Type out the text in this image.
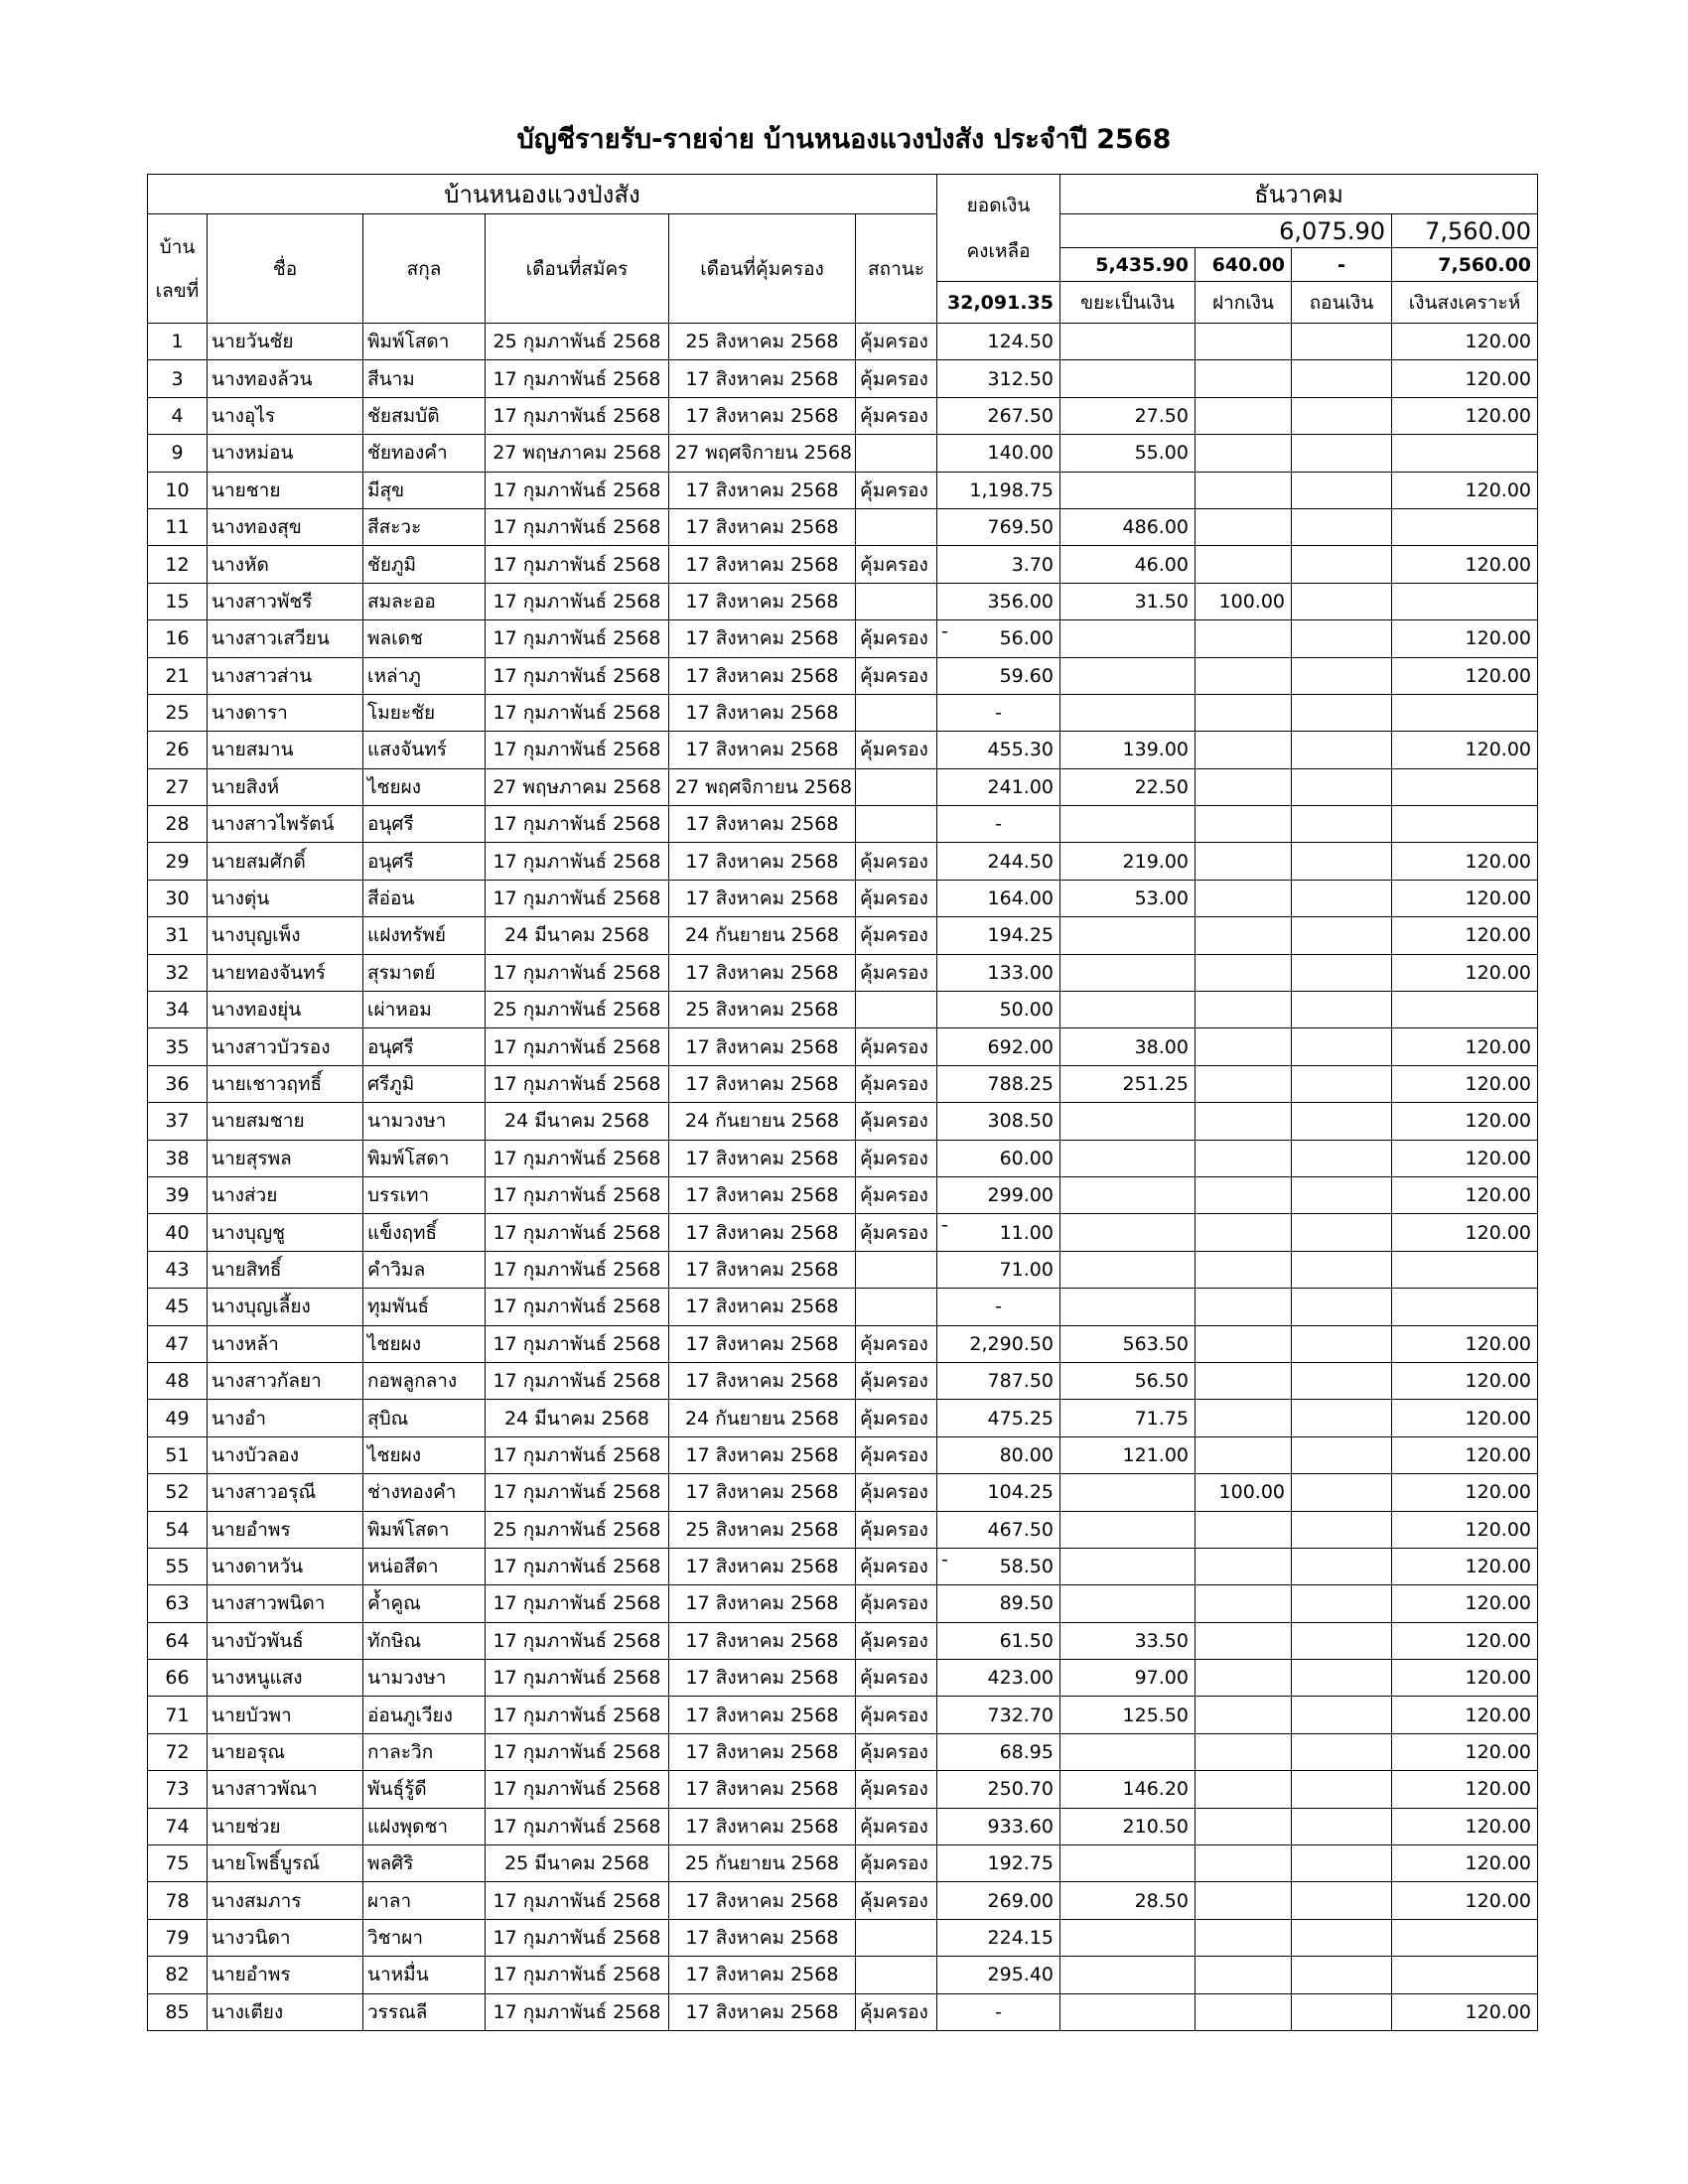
บัญชีรายรับ-รายจ่าย บ้านหนองแวงป่งสัง ประจำปี 2568
บ้านหนองแวงป่งสัง						ยอดเงิน
คงเหลือ	ธันวาคม			

บ้าน
เลขที่	ชื่อ	สกุล	เดือนที่สมัคร	เดือนที่คุ้มครอง	สถานะ		6,075.90			7,560.00
							5,435.90	640.00	-	7,560.00
						32,091.35	ขยะเป็นเงิน	ฝากเงิน	ถอนเงิน	เงินสงเคราะห์
1	นายวันชัย	พิมพ์โสดา	25 กุมภาพันธ์ 2568	25 สิงหาคม 2568	คุ้มครอง	124.50				120.00
3	นางทองล้วน	สีนาม	17 กุมภาพันธ์ 2568	17 สิงหาคม 2568	คุ้มครอง	312.50				120.00
4	นางอุไร	ชัยสมบัติ	17 กุมภาพันธ์ 2568	17 สิงหาคม 2568	คุ้มครอง	267.50	27.50			120.00
9	นางหม่อน	ชัยทองคำ	27 พฤษภาคม 2568	27 พฤศจิกายน 2568		140.00	55.00			
10	นายชาย	มีสุข	17 กุมภาพันธ์ 2568	17 สิงหาคม 2568	คุ้มครอง	1,198.75				120.00
11	นางทองสุข	สีสะวะ	17 กุมภาพันธ์ 2568	17 สิงหาคม 2568		769.50	486.00			
12	นางหัด	ชัยภูมิ	17 กุมภาพันธ์ 2568	17 สิงหาคม 2568	คุ้มครอง	3.70	46.00			120.00
15	นางสาวพัชรี	สมละออ	17 กุมภาพันธ์ 2568	17 สิงหาคม 2568		356.00	31.50	100.00		
16	นางสาวเสวียน	พลเดช	17 กุมภาพันธ์ 2568	17 สิงหาคม 2568	คุ้มครอง	- 56.00				120.00
21	นางสาวส่าน	เหล่าภู	17 กุมภาพันธ์ 2568	17 สิงหาคม 2568	คุ้มครอง	59.60				120.00
25	นางดารา	โมยะชัย	17 กุมภาพันธ์ 2568	17 สิงหาคม 2568		-				
26	นายสมาน	แสงจันทร์	17 กุมภาพันธ์ 2568	17 สิงหาคม 2568	คุ้มครอง	455.30	139.00			120.00
27	นายสิงห์	ไชยผง	27 พฤษภาคม 2568	27 พฤศจิกายน 2568		241.00	22.50			
28	นางสาวไพรัตน์	อนุศรี	17 กุมภาพันธ์ 2568	17 สิงหาคม 2568		-				
29	นายสมศักดิ์	อนุศรี	17 กุมภาพันธ์ 2568	17 สิงหาคม 2568	คุ้มครอง	244.50	219.00			120.00
30	นางตุ่น	สีอ่อน	17 กุมภาพันธ์ 2568	17 สิงหาคม 2568	คุ้มครอง	164.00	53.00			120.00
31	นางบุญเพ็ง	แฝงทรัพย์	24 มีนาคม 2568	24 กันยายน 2568	คุ้มครอง	194.25				120.00
32	นายทองจันทร์	สุรมาตย์	17 กุมภาพันธ์ 2568	17 สิงหาคม 2568	คุ้มครอง	133.00				120.00
34	นางทองยุ่น	เผ่าหอม	25 กุมภาพันธ์ 2568	25 สิงหาคม 2568		50.00				
35	นางสาวบัวรอง	อนุศรี	17 กุมภาพันธ์ 2568	17 สิงหาคม 2568	คุ้มครอง	692.00	38.00			120.00
36	นายเชาวฤทธิ์	ศรีภูมิ	17 กุมภาพันธ์ 2568	17 สิงหาคม 2568	คุ้มครอง	788.25	251.25			120.00
37	นายสมชาย	นามวงษา	24 มีนาคม 2568	24 กันยายน 2568	คุ้มครอง	308.50				120.00
38	นายสุรพล	พิมพ์โสดา	17 กุมภาพันธ์ 2568	17 สิงหาคม 2568	คุ้มครอง	60.00				120.00
39	นางส่วย	บรรเทา	17 กุมภาพันธ์ 2568	17 สิงหาคม 2568	คุ้มครอง	299.00				120.00
40	นางบุญชู	แข็งฤทธิ์	17 กุมภาพันธ์ 2568	17 สิงหาคม 2568	คุ้มครอง	- 11.00				120.00
43	นายสิทธิ์	คำวิมล	17 กุมภาพันธ์ 2568	17 สิงหาคม 2568		71.00				
45	นางบุญเลี้ยง	ทุมพันธ์	17 กุมภาพันธ์ 2568	17 สิงหาคม 2568		-				
47	นางหล้า	ไชยผง	17 กุมภาพันธ์ 2568	17 สิงหาคม 2568	คุ้มครอง	2,290.50	563.50			120.00
48	นางสาวกัลยา	กอพลูกลาง	17 กุมภาพันธ์ 2568	17 สิงหาคม 2568	คุ้มครอง	787.50	56.50			120.00
49	นางอำ	สุบิณ	24 มีนาคม 2568	24 กันยายน 2568	คุ้มครอง	475.25	71.75			120.00
51	นางบัวลอง	ไชยผง	17 กุมภาพันธ์ 2568	17 สิงหาคม 2568	คุ้มครอง	80.00	121.00			120.00
52	นางสาวอรุณี	ช่างทองคำ	17 กุมภาพันธ์ 2568	17 สิงหาคม 2568	คุ้มครอง	104.25		100.00		120.00
54	นายอำพร	พิมพ์โสดา	25 กุมภาพันธ์ 2568	25 สิงหาคม 2568	คุ้มครอง	467.50				120.00
55	นางดาหวัน	หน่อสีดา	17 กุมภาพันธ์ 2568	17 สิงหาคม 2568	คุ้มครอง	- 58.50				120.00
63	นางสาวพนิดา	ค้ำคูณ	17 กุมภาพันธ์ 2568	17 สิงหาคม 2568	คุ้มครอง	89.50				120.00
64	นางบัวพันธ์	ทักษิณ	17 กุมภาพันธ์ 2568	17 สิงหาคม 2568	คุ้มครอง	61.50	33.50			120.00
66	นางหนูแสง	นามวงษา	17 กุมภาพันธ์ 2568	17 สิงหาคม 2568	คุ้มครอง	423.00	97.00			120.00
71	นายบัวพา	อ่อนภูเวียง	17 กุมภาพันธ์ 2568	17 สิงหาคม 2568	คุ้มครอง	732.70	125.50			120.00
72	นายอรุณ	กาละวิก	17 กุมภาพันธ์ 2568	17 สิงหาคม 2568	คุ้มครอง	68.95				120.00
73	นางสาวพัณา	พันธุ์รู้ดี	17 กุมภาพันธ์ 2568	17 สิงหาคม 2568	คุ้มครอง	250.70	146.20			120.00
74	นายช่วย	แฝงพุดชา	17 กุมภาพันธ์ 2568	17 สิงหาคม 2568	คุ้มครอง	933.60	210.50			120.00
75	นายโพธิ์บูรณ์	พลศิริ	25 มีนาคม 2568	25 กันยายน 2568	คุ้มครอง	192.75				120.00
78	นางสมภาร	ผาลา	17 กุมภาพันธ์ 2568	17 สิงหาคม 2568	คุ้มครอง	269.00	28.50			120.00
79	นางวนิดา	วิชาผา	17 กุมภาพันธ์ 2568	17 สิงหาคม 2568		224.15				
82	นายอำพร	นาหมื่น	17 กุมภาพันธ์ 2568	17 สิงหาคม 2568		295.40				
85	นางเตียง	วรรณลี	17 กุมภาพันธ์ 2568	17 สิงหาคม 2568	คุ้มครอง	-				120.00
